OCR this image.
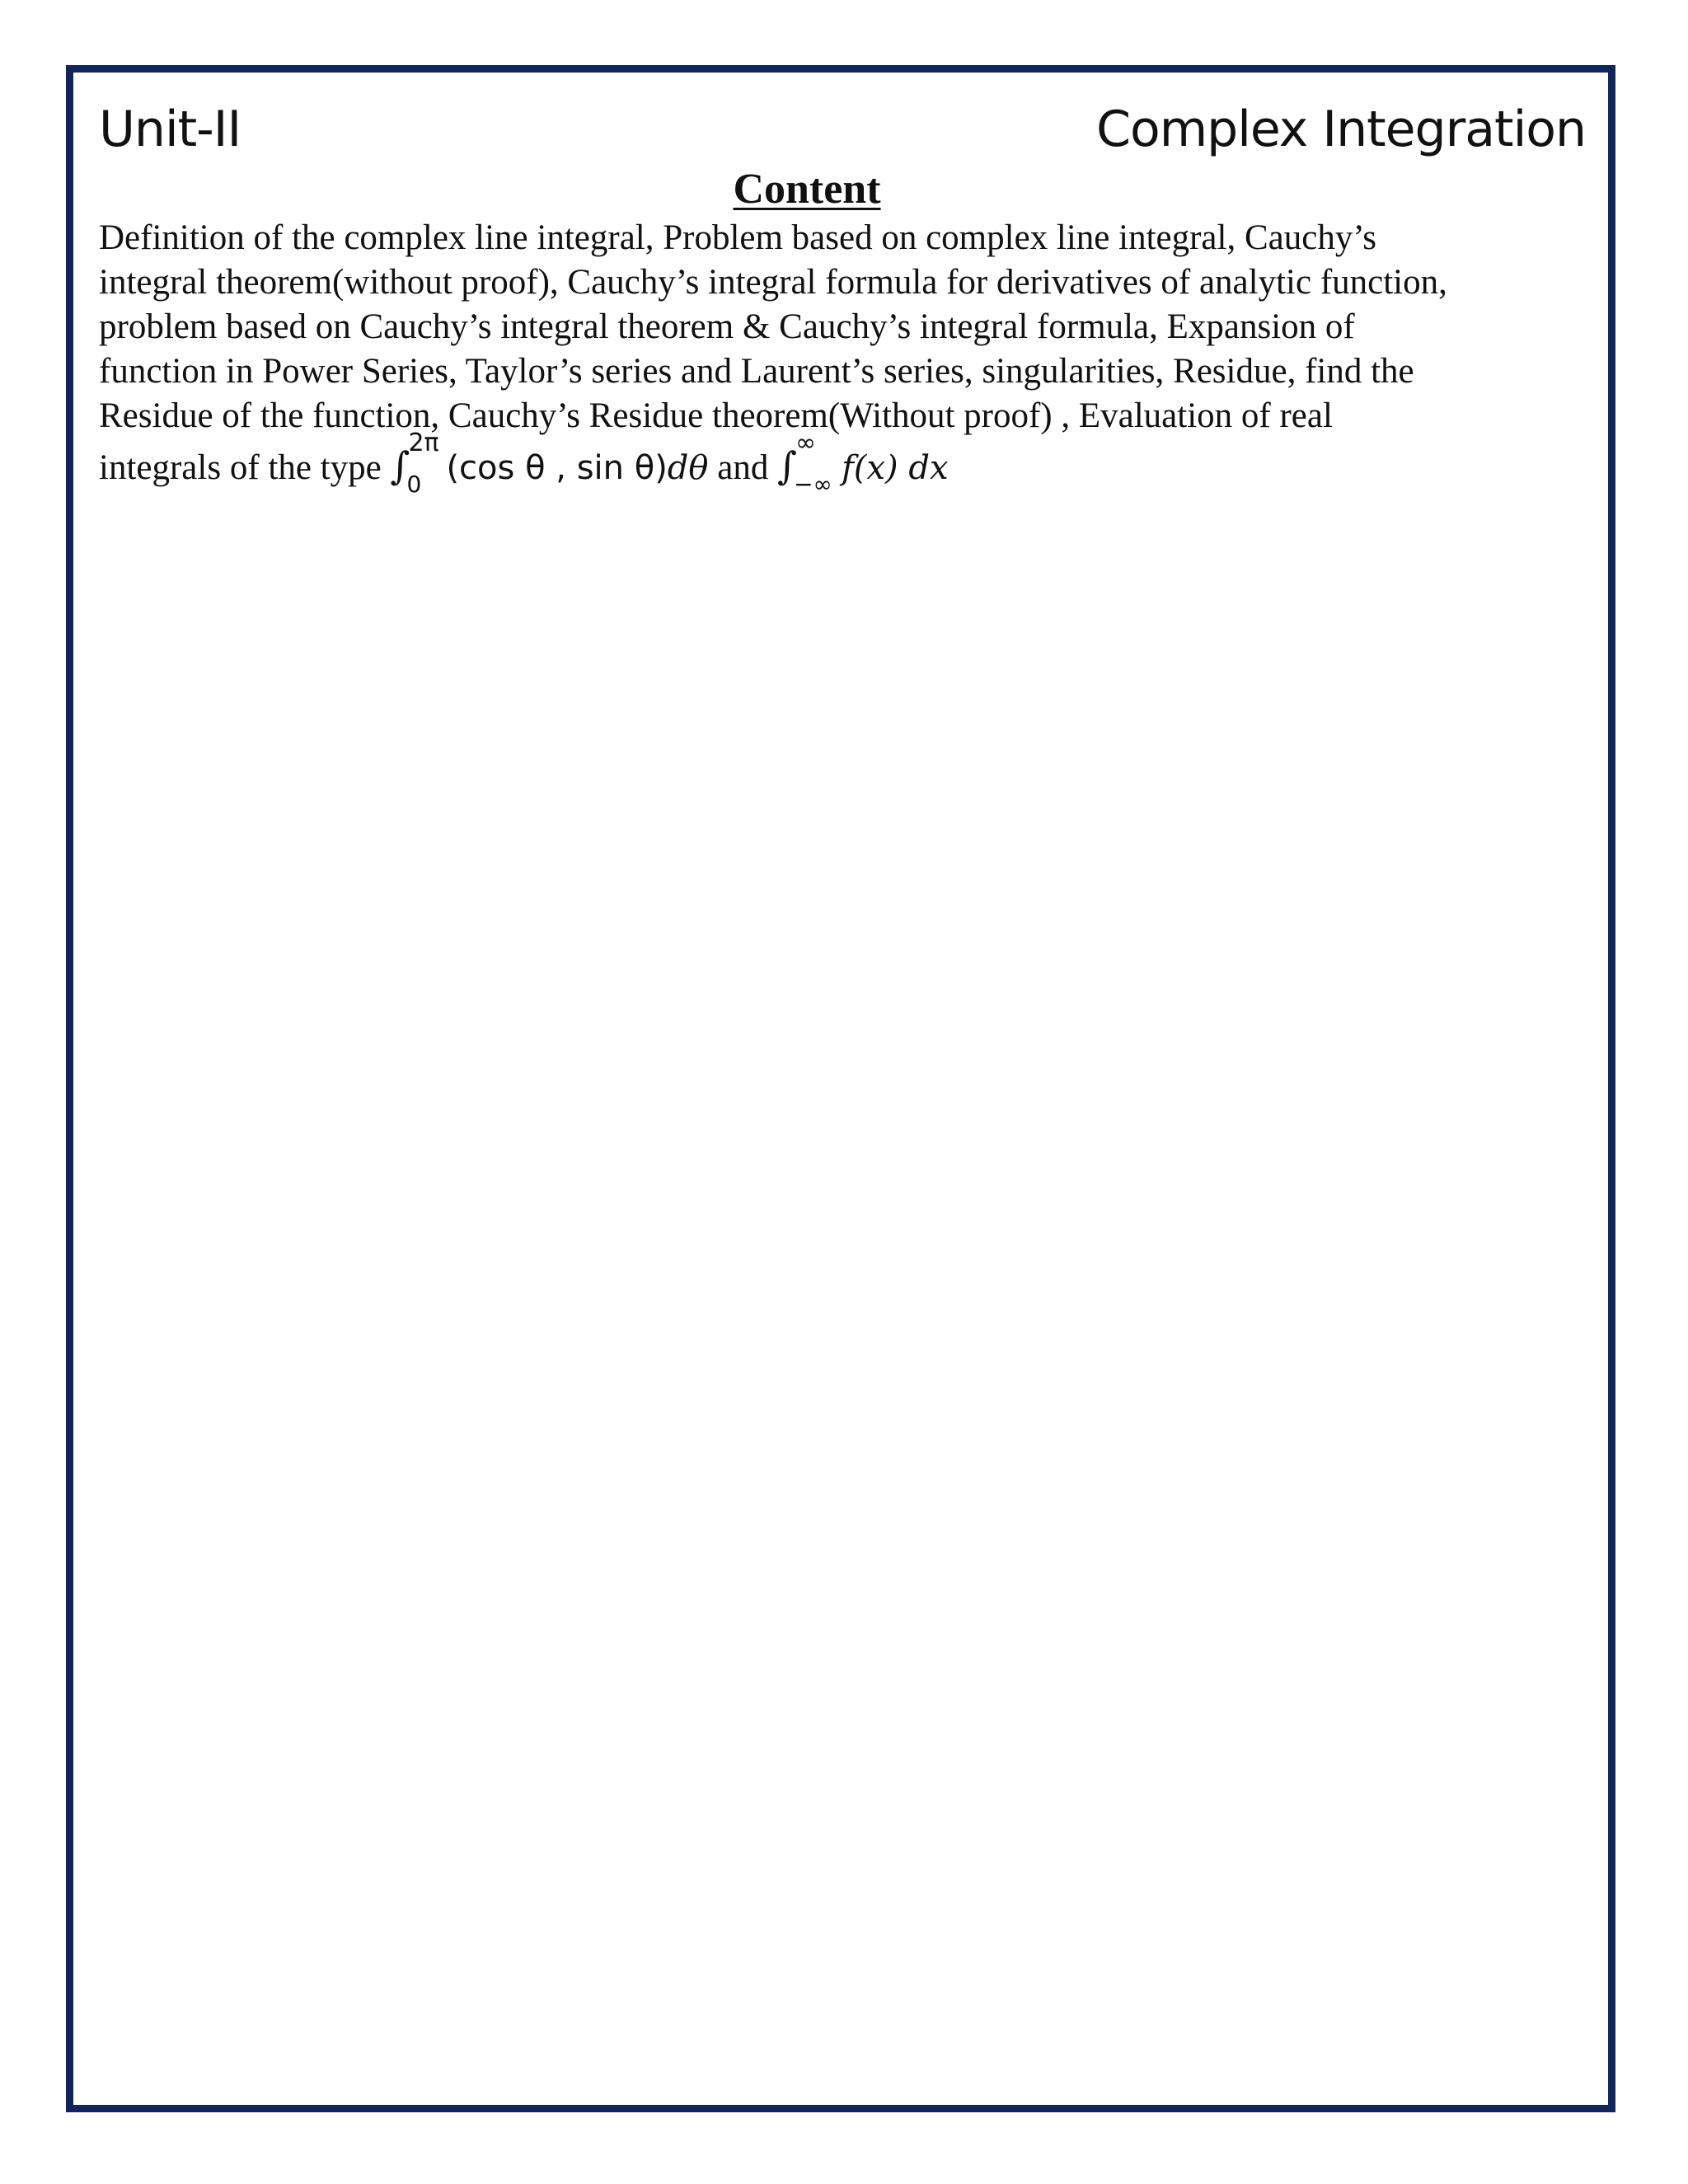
Unit-II	Complex Integration
Content
Definition of the complex line integral, Problem based on complex line integral, Cauchy’s
integral theorem(without proof), Cauchy’s integral formula for derivatives of analytic function,
problem based on Cauchy’s integral theorem & Cauchy’s integral formula, Expansion of
function in Power Series, Taylor’s series and Laurent’s series, singularities, Residue, find the
Residue of the function, Cauchy’s Residue theorem(Without proof) , Evaluation of real
integrals of the type ∫
2π
0 (cos θ , sin θ)dθ and ∫
∞
−∞ f(x) dx
